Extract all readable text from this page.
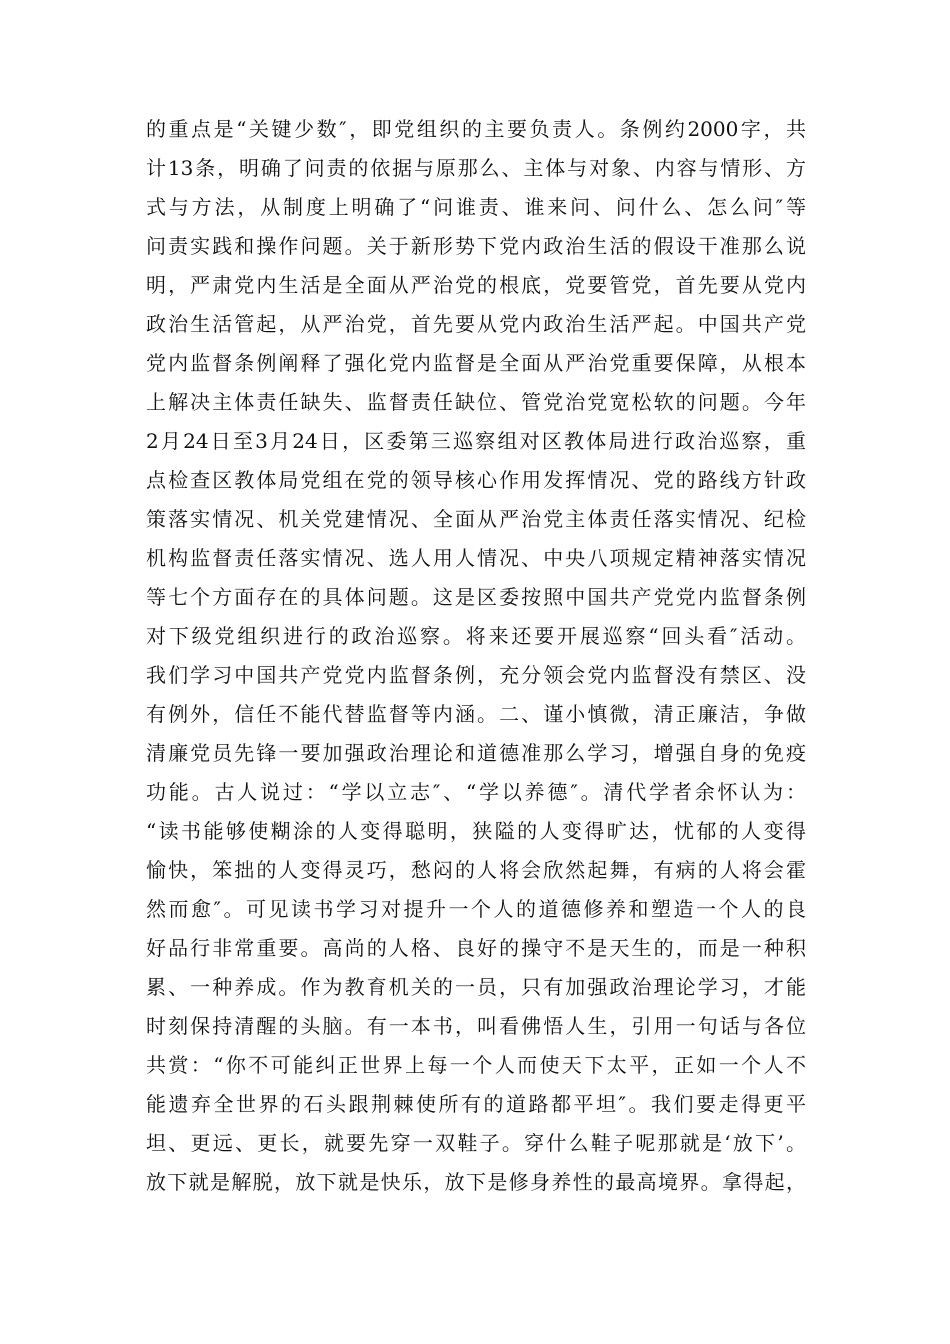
的重点是“关键少数″，即党组织的主要负责人。条例约2000字，共
计13条，明确了问责的依据与原那么、主体与对象、内容与情形、方
式与方法，从制度上明确了“问谁责、谁来问、问什么、怎么问″等
问责实践和操作问题。关于新形势下党内政治生活的假设干准那么说
明，严肃党内生活是全面从严治党的根底，党要管党，首先要从党内
政治生活管起，从严治党，首先要从党内政治生活严起。中国共产党
党内监督条例阐释了强化党内监督是全面从严治党重要保障，从根本
上解决主体责任缺失、监督责任缺位、管党治党宽松软的问题。今年
2月24日至3月24日，区委第三巡察组对区教体局进行政治巡察，重
点检查区教体局党组在党的领导核心作用发挥情况、党的路线方针政
策落实情况、机关党建情况、全面从严治党主体责任落实情况、纪检
机构监督责任落实情况、选人用人情况、中央八项规定精神落实情况
等七个方面存在的具体问题。这是区委按照中国共产党党内监督条例
对下级党组织进行的政治巡察。将来还要开展巡察“回头看″活动。
我们学习中国共产党党内监督条例，充分领会党内监督没有禁区、没
有例外，信任不能代替监督等内涵。二、谨小慎微，清正廉洁，争做
清廉党员先锋一要加强政治理论和道德准那么学习，增强自身的免疫
功能。古人说过：“学以立志″、“学以养德″。清代学者余怀认为：
“读书能够使糊涂的人变得聪明，狭隘的人变得旷达，忧郁的人变得
愉快，笨拙的人变得灵巧，愁闷的人将会欣然起舞，有病的人将会霍
然而愈″。可见读书学习对提升一个人的道德修养和塑造一个人的良
好品行非常重要。高尚的人格、良好的操守不是天生的，而是一种积
累、一种养成。作为教育机关的一员，只有加强政治理论学习，才能
时刻保持清醒的头脑。有一本书，叫看佛悟人生，引用一句话与各位
共赏：“你不可能纠正世界上每一个人而使天下太平，正如一个人不
能遗弃全世界的石头跟荆棘使所有的道路都平坦″。我们要走得更平
坦、更远、更长，就要先穿一双鞋子。穿什么鞋子呢那就是‘放下’。
放下就是解脱，放下就是快乐，放下是修身养性的最高境界。拿得起，
